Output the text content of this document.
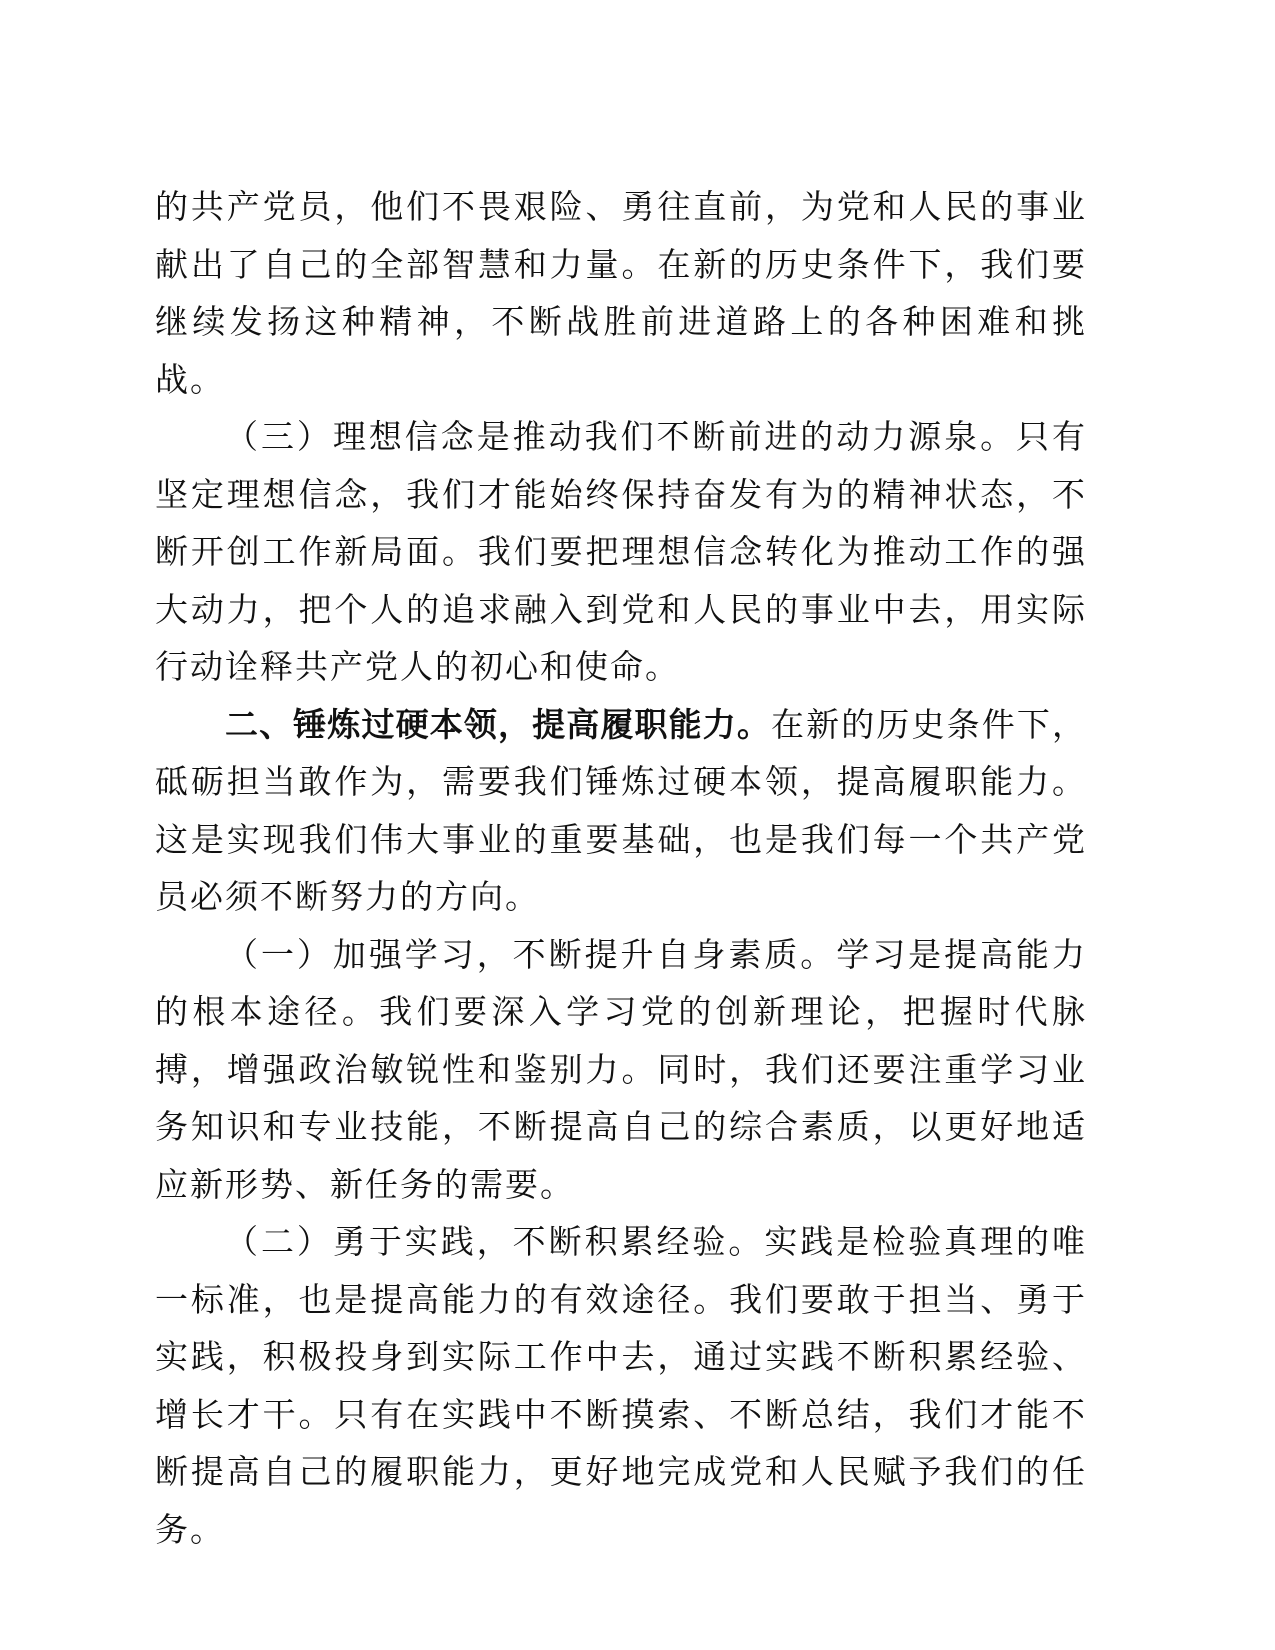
的共产党员，他们不畏艰险、勇往直前，为党和人民的事业献出了自己的全部智慧和力量。在新的历史条件下，我们要继续发扬这种精神，不断战胜前进道路上的各种困难和挑战。

（三）理想信念是推动我们不断前进的动力源泉。只有坚定理想信念，我们才能始终保持奋发有为的精神状态，不断开创工作新局面。我们要把理想信念转化为推动工作的强大动力，把个人的追求融入到党和人民的事业中去，用实际行动诠释共产党人的初心和使命。

二、锤炼过硬本领，提高履职能力。在新的历史条件下，砥砺担当敢作为，需要我们锤炼过硬本领，提高履职能力。这是实现我们伟大事业的重要基础，也是我们每一个共产党员必须不断努力的方向。

（一）加强学习，不断提升自身素质。学习是提高能力的根本途径。我们要深入学习党的创新理论，把握时代脉搏，增强政治敏锐性和鉴别力。同时，我们还要注重学习业务知识和专业技能，不断提高自己的综合素质，以更好地适应新形势、新任务的需要。

（二）勇于实践，不断积累经验。实践是检验真理的唯一标准，也是提高能力的有效途径。我们要敢于担当、勇于实践，积极投身到实际工作中去，通过实践不断积累经验、增长才干。只有在实践中不断摸索、不断总结，我们才能不断提高自己的履职能力，更好地完成党和人民赋予我们的任务。
